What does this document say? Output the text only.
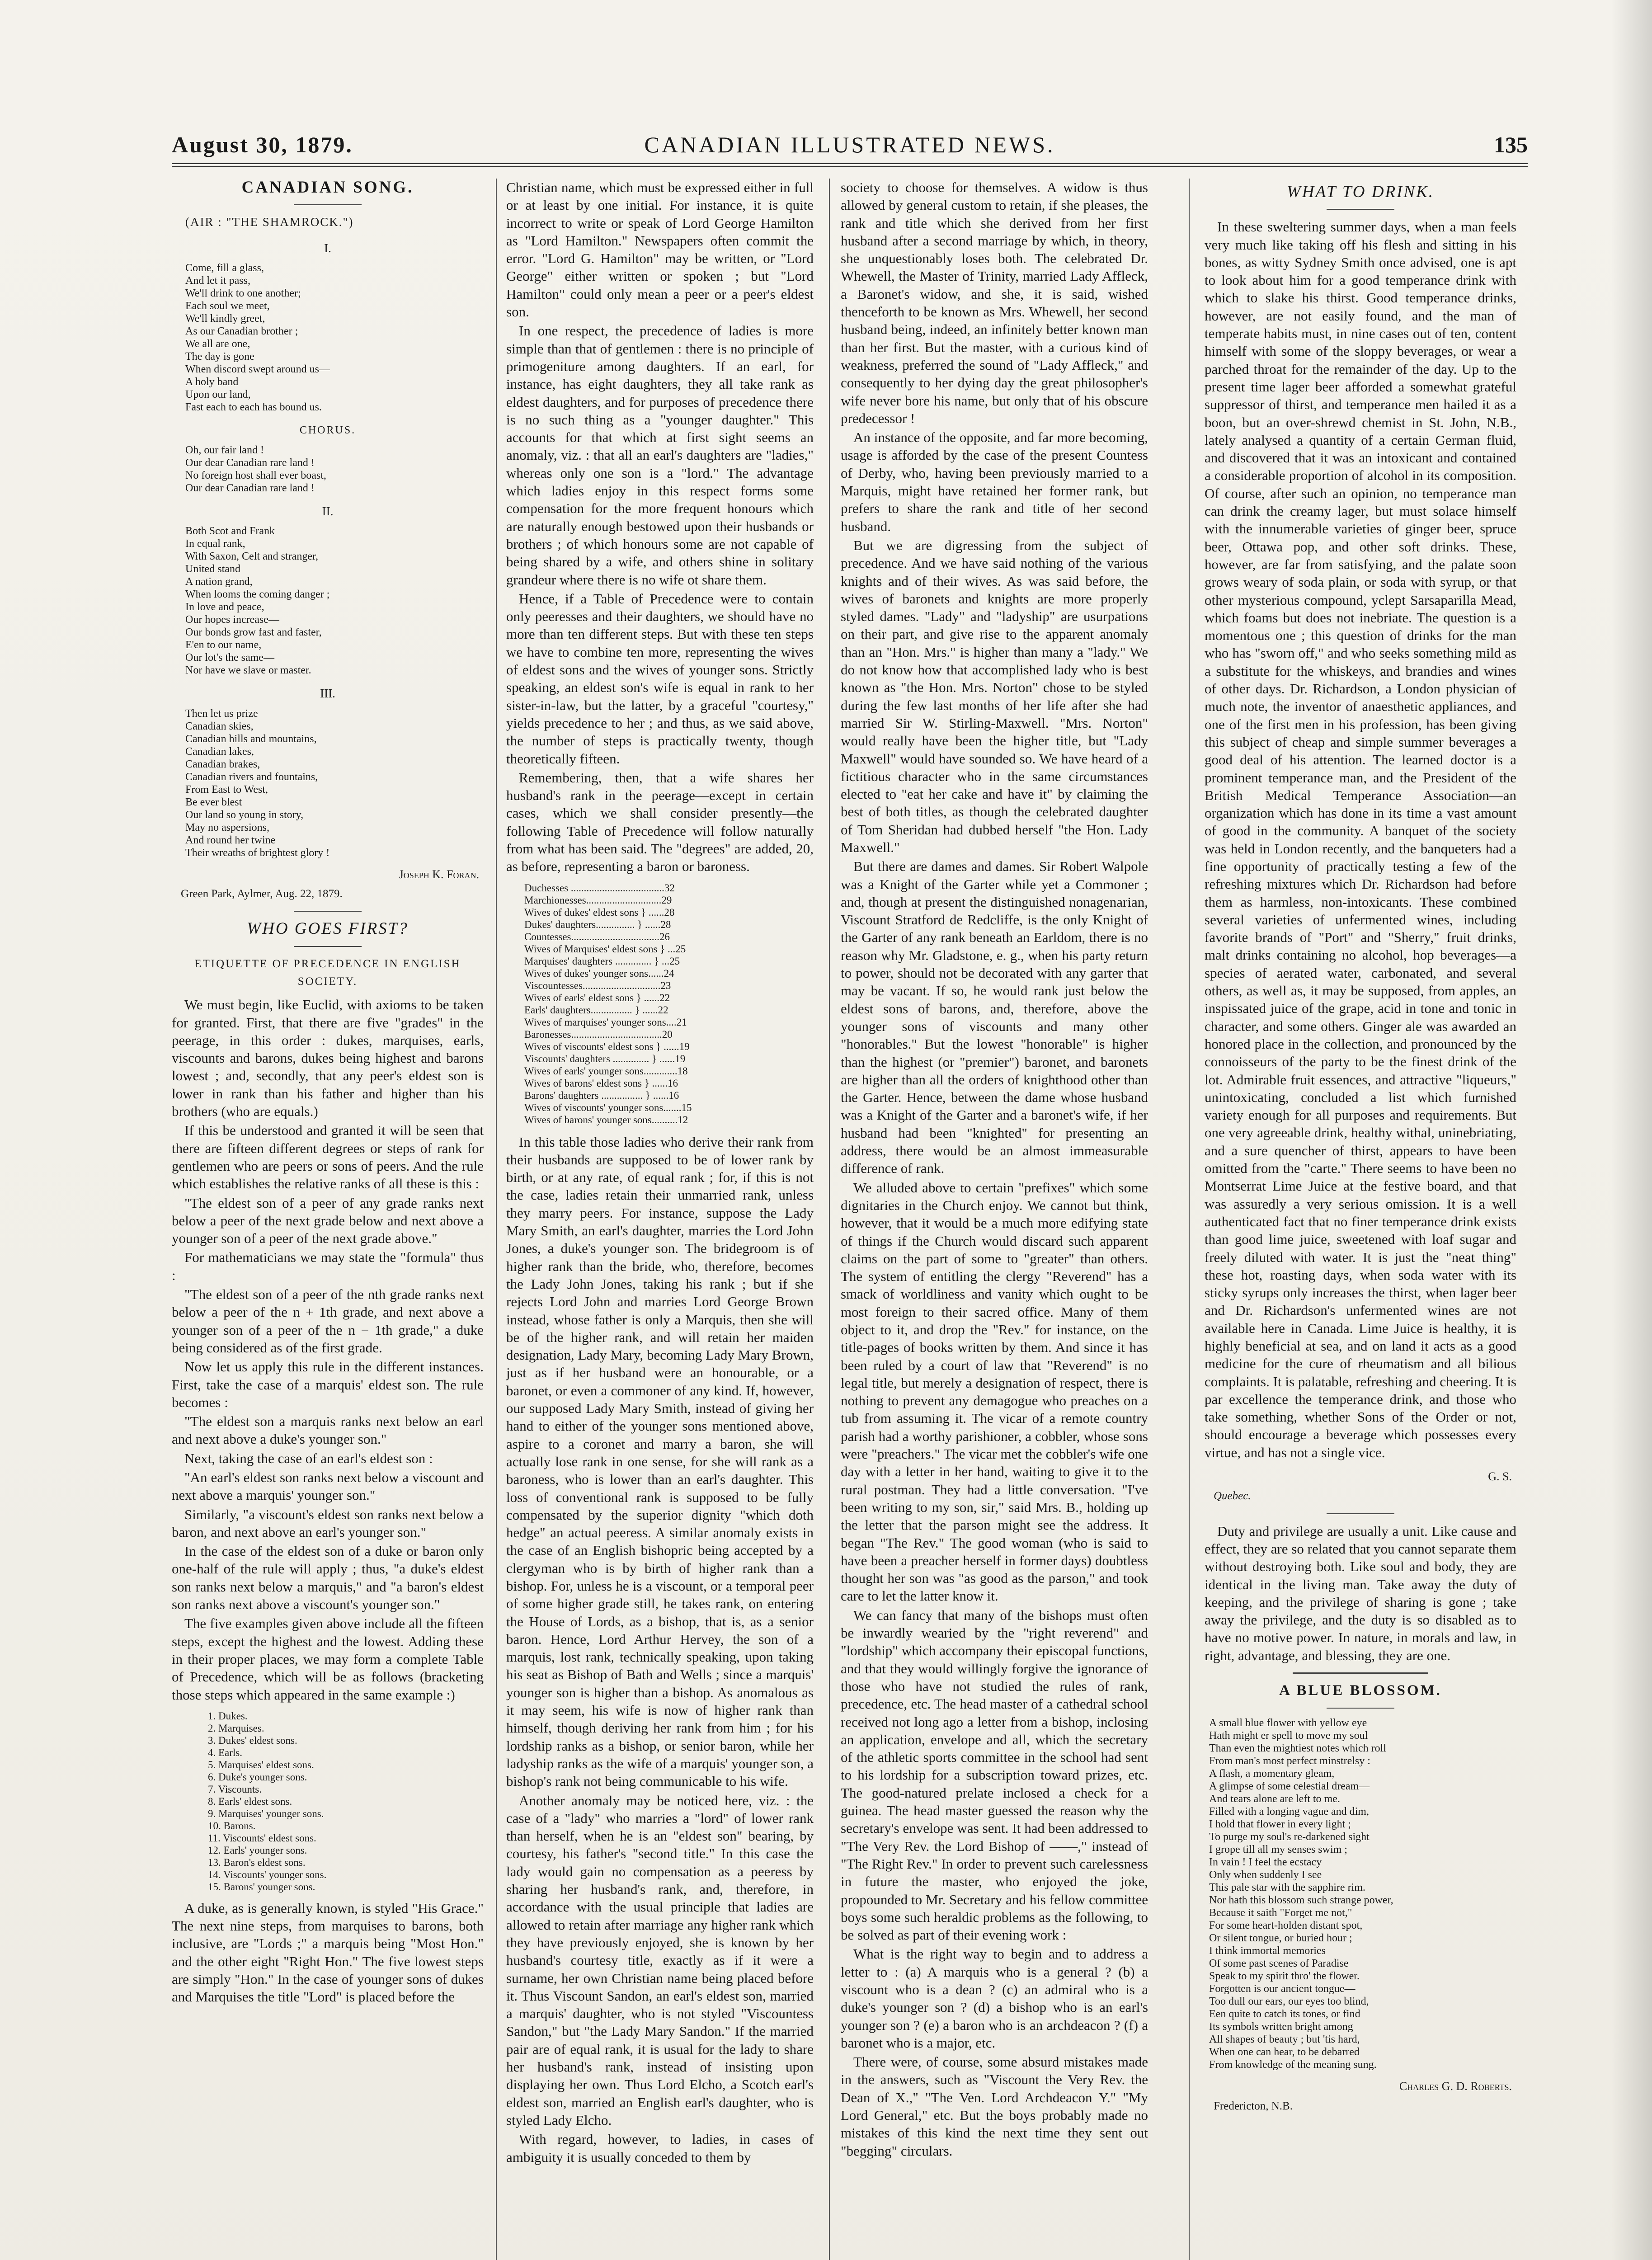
August 30, 1879.	CANADIAN ILLUSTRATED NEWS.	135
CANADIAN SONG.
(AIR : "THE SHAMROCK.")
I.
Come, fill a glass,
And let it pass,
We'll drink to one another;
Each soul we meet,
We'll kindly greet,
As our Canadian brother ;
We all are one,
The day is gone
When discord swept around us—
A holy band
Upon our land,
Fast each to each has bound us.
CHORUS.
Oh, our fair land !
Our dear Canadian rare land !
No foreign host shall ever boast,
Our dear Canadian rare land !
II.
Both Scot and Frank
In equal rank,
With Saxon, Celt and stranger,
United stand
A nation grand,
When looms the coming danger ;
In love and peace,
Our hopes increase—
Our bonds grow fast and faster,
E'en to our name,
Our lot's the same—
Nor have we slave or master.
III.
Then let us prize
Canadian skies,
Canadian hills and mountains,
Canadian lakes,
Canadian brakes,
Canadian rivers and fountains,
From East to West,
Be ever blest
Our land so young in story,
May no aspersions,
And round her twine
Their wreaths of brightest glory !
Joseph K. Foran.
Green Park, Aylmer, Aug. 22, 1879.
WHO GOES FIRST?
ETIQUETTE OF PRECEDENCE IN ENGLISH SOCIETY.

We must begin, like Euclid, with axioms to be taken for granted. First, that there are five "grades" in the peerage, in this order : dukes, marquises, earls, viscounts and barons, dukes being highest and barons lowest ; and, secondly, that any peer's eldest son is lower in rank than his father and higher than his brothers (who are equals.)

If this be understood and granted it will be seen that there are fifteen different degrees or steps of rank for gentlemen who are peers or sons of peers. And the rule which establishes the relative ranks of all these is this :

"The eldest son of a peer of any grade ranks next below a peer of the next grade below and next above a younger son of a peer of the next grade above."

For mathematicians we may state the "formula" thus :

"The eldest son of a peer of the nth grade ranks next below a peer of the n + 1th grade, and next above a younger son of a peer of the n − 1th grade," a duke being considered as of the first grade.

Now let us apply this rule in the different instances. First, take the case of a marquis' eldest son. The rule becomes :

"The eldest son a marquis ranks next below an earl and next above a duke's younger son."

Next, taking the case of an earl's eldest son :

"An earl's eldest son ranks next below a viscount and next above a marquis' younger son."

Similarly, "a viscount's eldest son ranks next below a baron, and next above an earl's younger son."

In the case of the eldest son of a duke or baron only one-half of the rule will apply ; thus, "a duke's eldest son ranks next below a marquis," and "a baron's eldest son ranks next above a viscount's younger son."

The five examples given above include all the fifteen steps, except the highest and the lowest. Adding these in their proper places, we may form a complete Table of Precedence, which will be as follows (bracketing those steps which appeared in the same example :)

1. Dukes.
2. Marquises.
3. Dukes' eldest sons.
4. Earls.
5. Marquises' eldest sons.
6. Duke's younger sons.
7. Viscounts.
8. Earls' eldest sons.
9. Marquises' younger sons.
10. Barons.
11. Viscounts' eldest sons.
12. Earls' younger sons.
13. Baron's eldest sons.
14. Viscounts' younger sons.
15. Barons' younger sons.

A duke, as is generally known, is styled "His Grace." The next nine steps, from marquises to barons, both inclusive, are "Lords ;" a marquis being "Most Hon." and the other eight "Right Hon." The five lowest steps are simply "Hon." In the case of younger sons of dukes and Marquises the title "Lord" is placed before the

Christian name, which must be expressed either in full or at least by one initial. For instance, it is quite incorrect to write or speak of Lord George Hamilton as "Lord Hamilton." Newspapers often commit the error. "Lord G. Hamilton" may be written, or "Lord George" either written or spoken ; but "Lord Hamilton" could only mean a peer or a peer's eldest son.

In one respect, the precedence of ladies is more simple than that of gentlemen : there is no principle of primogeniture among daughters. If an earl, for instance, has eight daughters, they all take rank as eldest daughters, and for purposes of precedence there is no such thing as a "younger daughter." This accounts for that which at first sight seems an anomaly, viz. : that all an earl's daughters are "ladies," whereas only one son is a "lord." The advantage which ladies enjoy in this respect forms some compensation for the more frequent honours which are naturally enough bestowed upon their husbands or brothers ; of which honours some are not capable of being shared by a wife, and others shine in solitary grandeur where there is no wife ot share them.

Hence, if a Table of Precedence were to contain only peeresses and their daughters, we should have no more than ten different steps. But with these ten steps we have to combine ten more, representing the wives of eldest sons and the wives of younger sons. Strictly speaking, an eldest son's wife is equal in rank to her sister-in-law, but the latter, by a graceful "courtesy," yields precedence to her ; and thus, as we said above, the number of steps is practically twenty, though theoretically fifteen.

Remembering, then, that a wife shares her husband's rank in the peerage—except in certain cases, which we shall consider presently—the following Table of Precedence will follow naturally from what has been said. The "degrees" are added, 20, as before, representing a baron or baroness.

Duchesses ....................................32
Marchionesses.............................29
Wives of dukes' eldest sons } ......28
Dukes' daughters............... } ......28
Countesses..................................26
Wives of Marquises' eldest sons } ...25
Marquises' daughters .............. } ...25
Wives of dukes' younger sons......24
Viscountesses..............................23
Wives of earls' eldest sons } ......22
Earls' daughters................ } ......22
Wives of marquises' younger sons....21
Baronesses...................................20
Wives of viscounts' eldest sons } ......19
Viscounts' daughters .............. } ......19
Wives of earls' younger sons.............18
Wives of barons' eldest sons } ......16
Barons' daughters ................ } ......16
Wives of viscounts' younger sons.......15
Wives of barons' younger sons..........12

In this table those ladies who derive their rank from their husbands are supposed to be of lower rank by birth, or at any rate, of equal rank ; for, if this is not the case, ladies retain their unmarried rank, unless they marry peers. For instance, suppose the Lady Mary Smith, an earl's daughter, marries the Lord John Jones, a duke's younger son. The bridegroom is of higher rank than the bride, who, therefore, becomes the Lady John Jones, taking his rank ; but if she rejects Lord John and marries Lord George Brown instead, whose father is only a Marquis, then she will be of the higher rank, and will retain her maiden designation, Lady Mary, becoming Lady Mary Brown, just as if her husband were an honourable, or a baronet, or even a commoner of any kind. If, however, our supposed Lady Mary Smith, instead of giving her hand to either of the younger sons mentioned above, aspire to a coronet and marry a baron, she will actually lose rank in one sense, for she will rank as a baroness, who is lower than an earl's daughter. This loss of conventional rank is supposed to be fully compensated by the superior dignity "which doth hedge" an actual peeress. A similar anomaly exists in the case of an English bishopric being accepted by a clergyman who is by birth of higher rank than a bishop. For, unless he is a viscount, or a temporal peer of some higher grade still, he takes rank, on entering the House of Lords, as a bishop, that is, as a senior baron. Hence, Lord Arthur Hervey, the son of a marquis, lost rank, technically speaking, upon taking his seat as Bishop of Bath and Wells ; since a marquis' younger son is higher than a bishop. As anomalous as it may seem, his wife is now of higher rank than himself, though deriving her rank from him ; for his lordship ranks as a bishop, or senior baron, while her ladyship ranks as the wife of a marquis' younger son, a bishop's rank not being communicable to his wife.

Another anomaly may be noticed here, viz. : the case of a "lady" who marries a "lord" of lower rank than herself, when he is an "eldest son" bearing, by courtesy, his father's "second title." In this case the lady would gain no compensation as a peeress by sharing her husband's rank, and, therefore, in accordance with the usual principle that ladies are allowed to retain after marriage any higher rank which they have previously enjoyed, she is known by her husband's courtesy title, exactly as if it were a surname, her own Christian name being placed before it. Thus Viscount Sandon, an earl's eldest son, married a marquis' daughter, who is not styled "Viscountess Sandon," but "the Lady Mary Sandon." If the married pair are of equal rank, it is usual for the lady to share her husband's rank, instead of insisting upon displaying her own. Thus Lord Elcho, a Scotch earl's eldest son, married an English earl's daughter, who is styled Lady Elcho.

With regard, however, to ladies, in cases of ambiguity it is usually conceded to them by

society to choose for themselves. A widow is thus allowed by general custom to retain, if she pleases, the rank and title which she derived from her first husband after a second marriage by which, in theory, she unquestionably loses both. The celebrated Dr. Whewell, the Master of Trinity, married Lady Affleck, a Baronet's widow, and she, it is said, wished thenceforth to be known as Mrs. Whewell, her second husband being, indeed, an infinitely better known man than her first. But the master, with a curious kind of weakness, preferred the sound of "Lady Affleck," and consequently to her dying day the great philosopher's wife never bore his name, but only that of his obscure predecessor !

An instance of the opposite, and far more becoming, usage is afforded by the case of the present Countess of Derby, who, having been previously married to a Marquis, might have retained her former rank, but prefers to share the rank and title of her second husband.

But we are digressing from the subject of precedence. And we have said nothing of the various knights and of their wives. As was said before, the wives of baronets and knights are more properly styled dames. "Lady" and "ladyship" are usurpations on their part, and give rise to the apparent anomaly than an "Hon. Mrs." is higher than many a "lady." We do not know how that accomplished lady who is best known as "the Hon. Mrs. Norton" chose to be styled during the few last months of her life after she had married Sir W. Stirling-Maxwell. "Mrs. Norton" would really have been the higher title, but "Lady Maxwell" would have sounded so. We have heard of a fictitious character who in the same circumstances elected to "eat her cake and have it" by claiming the best of both titles, as though the celebrated daughter of Tom Sheridan had dubbed herself "the Hon. Lady Maxwell."

But there are dames and dames. Sir Robert Walpole was a Knight of the Garter while yet a Commoner ; and, though at present the distinguished nonagenarian, Viscount Stratford de Redcliffe, is the only Knight of the Garter of any rank beneath an Earldom, there is no reason why Mr. Gladstone, e. g., when his party return to power, should not be decorated with any garter that may be vacant. If so, he would rank just below the eldest sons of barons, and, therefore, above the younger sons of viscounts and many other "honorables." But the lowest "honorable" is higher than the highest (or "premier") baronet, and baronets are higher than all the orders of knighthood other than the Garter. Hence, between the dame whose husband was a Knight of the Garter and a baronet's wife, if her husband had been "knighted" for presenting an address, there would be an almost immeasurable difference of rank.

We alluded above to certain "prefixes" which some dignitaries in the Church enjoy. We cannot but think, however, that it would be a much more edifying state of things if the Church would discard such apparent claims on the part of some to "greater" than others. The system of entitling the clergy "Reverend" has a smack of worldliness and vanity which ought to be most foreign to their sacred office. Many of them object to it, and drop the "Rev." for instance, on the title-pages of books written by them. And since it has been ruled by a court of law that "Reverend" is no legal title, but merely a designation of respect, there is nothing to prevent any demagogue who preaches on a tub from assuming it. The vicar of a remote country parish had a worthy parishioner, a cobbler, whose sons were "preachers." The vicar met the cobbler's wife one day with a letter in her hand, waiting to give it to the rural postman. They had a little conversation. "I've been writing to my son, sir," said Mrs. B., holding up the letter that the parson might see the address. It began "The Rev." The good woman (who is said to have been a preacher herself in former days) doubtless thought her son was "as good as the parson," and took care to let the latter know it.

We can fancy that many of the bishops must often be inwardly wearied by the "right reverend" and "lordship" which accompany their episcopal functions, and that they would willingly forgive the ignorance of those who have not studied the rules of rank, precedence, etc. The head master of a cathedral school received not long ago a letter from a bishop, inclosing an application, envelope and all, which the secretary of the athletic sports committee in the school had sent to his lordship for a subscription toward prizes, etc. The good-natured prelate inclosed a check for a guinea. The head master guessed the reason why the secretary's envelope was sent. It had been addressed to "The Very Rev. the Lord Bishop of ——," instead of "The Right Rev." In order to prevent such carelessness in future the master, who enjoyed the joke, propounded to Mr. Secretary and his fellow committee boys some such heraldic problems as the following, to be solved as part of their evening work :

What is the right way to begin and to address a letter to : (a) A marquis who is a general ? (b) a viscount who is a dean ? (c) an admiral who is a duke's younger son ? (d) a bishop who is an earl's younger son ? (e) a baron who is an archdeacon ? (f) a baronet who is a major, etc.

There were, of course, some absurd mistakes made in the answers, such as "Viscount the Very Rev. the Dean of X.," "The Ven. Lord Archdeacon Y." "My Lord General," etc. But the boys probably made no mistakes of this kind the next time they sent out "begging" circulars.

WHAT TO DRINK.

In these sweltering summer days, when a man feels very much like taking off his flesh and sitting in his bones, as witty Sydney Smith once advised, one is apt to look about him for a good temperance drink with which to slake his thirst. Good temperance drinks, however, are not easily found, and the man of temperate habits must, in nine cases out of ten, content himself with some of the sloppy beverages, or wear a parched throat for the remainder of the day. Up to the present time lager beer afforded a somewhat grateful suppressor of thirst, and temperance men hailed it as a boon, but an over-shrewd chemist in St. John, N.B., lately analysed a quantity of a certain German fluid, and discovered that it was an intoxicant and contained a considerable proportion of alcohol in its composition. Of course, after such an opinion, no temperance man can drink the creamy lager, but must solace himself with the innumerable varieties of ginger beer, spruce beer, Ottawa pop, and other soft drinks. These, however, are far from satisfying, and the palate soon grows weary of soda plain, or soda with syrup, or that other mysterious compound, yclept Sarsaparilla Mead, which foams but does not inebriate. The question is a momentous one ; this question of drinks for the man who has "sworn off," and who seeks something mild as a substitute for the whiskeys, and brandies and wines of other days. Dr. Richardson, a London physician of much note, the inventor of anaesthetic appliances, and one of the first men in his profession, has been giving this subject of cheap and simple summer beverages a good deal of his attention. The learned doctor is a prominent temperance man, and the President of the British Medical Temperance Association—an organization which has done in its time a vast amount of good in the community. A banquet of the society was held in London recently, and the banqueters had a fine opportunity of practically testing a few of the refreshing mixtures which Dr. Richardson had before them as harmless, non-intoxicants. These combined several varieties of unfermented wines, including favorite brands of "Port" and "Sherry," fruit drinks, malt drinks containing no alcohol, hop beverages—a species of aerated water, carbonated, and several others, as well as, it may be supposed, from apples, an inspissated juice of the grape, acid in tone and tonic in character, and some others. Ginger ale was awarded an honored place in the collection, and pronounced by the connoisseurs of the party to be the finest drink of the lot. Admirable fruit essences, and attractive "liqueurs," unintoxicating, concluded a list which furnished variety enough for all purposes and requirements. But one very agreeable drink, healthy withal, uninebriating, and a sure quencher of thirst, appears to have been omitted from the "carte." There seems to have been no Montserrat Lime Juice at the festive board, and that was assuredly a very serious omission. It is a well authenticated fact that no finer temperance drink exists than good lime juice, sweetened with loaf sugar and freely diluted with water. It is just the "neat thing" these hot, roasting days, when soda water with its sticky syrups only increases the thirst, when lager beer and Dr. Richardson's unfermented wines are not available here in Canada. Lime Juice is healthy, it is highly beneficial at sea, and on land it acts as a good medicine for the cure of rheumatism and all bilious complaints. It is palatable, refreshing and cheering. It is par excellence the temperance drink, and those who take something, whether Sons of the Order or not, should encourage a beverage which possesses every virtue, and has not a single vice.

G. S.
Quebec.

Duty and privilege are usually a unit. Like cause and effect, they are so related that you cannot separate them without destroying both. Like soul and body, they are identical in the living man. Take away the duty of keeping, and the privilege of sharing is gone ; take away the privilege, and the duty is so disabled as to have no motive power. In nature, in morals and law, in right, advantage, and blessing, they are one.

A BLUE BLOSSOM.
A small blue flower with yellow eye
Hath might er spell to move my soul
Than even the mightiest notes which roll
From man's most perfect minstrelsy :
A flash, a momentary gleam,
A glimpse of some celestial dream—
And tears alone are left to me.
Filled with a longing vague and dim,
I hold that flower in every light ;
To purge my soul's re-darkened sight
I grope till all my senses swim ;
In vain ! I feel the ecstacy
Only when suddenly I see
This pale star with the sapphire rim.
Nor hath this blossom such strange power,
Because it saith "Forget me not,"
For some heart-holden distant spot,
Or silent tongue, or buried hour ;
I think immortal memories
Of some past scenes of Paradise
Speak to my spirit thro' the flower.
Forgotten is our ancient tongue—
Too dull our ears, our eyes too blind,
Een quite to catch its tones, or find
Its symbols written bright among
All shapes of beauty ; but 'tis hard,
When one can hear, to be debarred
From knowledge of the meaning sung.
Charles G. D. Roberts.
Fredericton, N.B.
